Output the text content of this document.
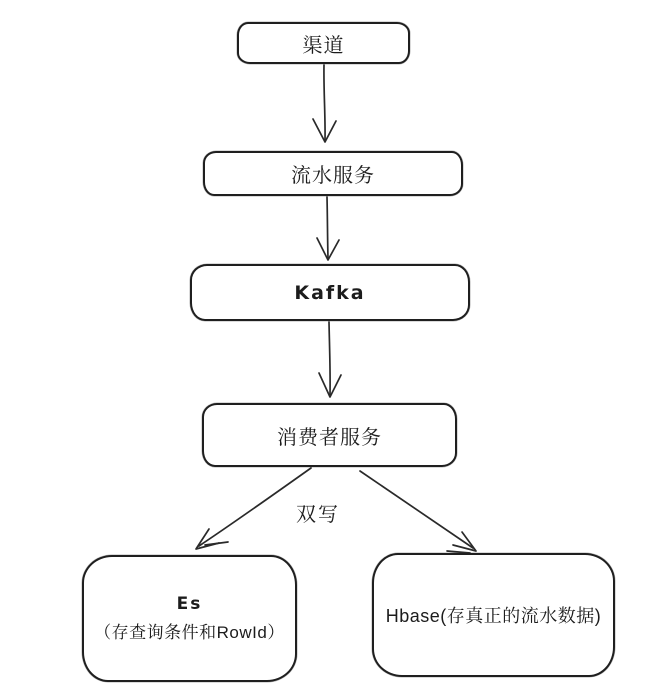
渠道
流水服务
Kafka
消费者服务
双写
Es
（存查询条件和RowId）
Hbase(存真正的流水数据)
